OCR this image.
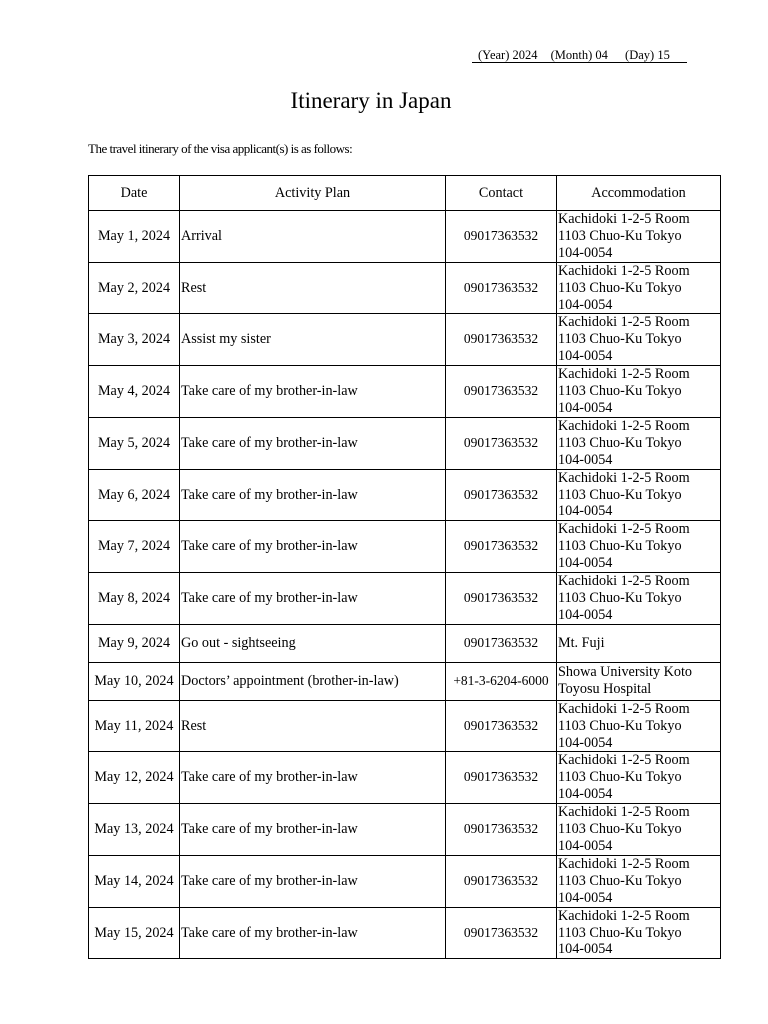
(Year) 2024 (Month) 04 (Day) 15
Itinerary in Japan
The travel itinerary of the visa applicant(s) is as follows:
Date	Activity Plan	Contact	Accommodation
May 1, 2024	Arrival	09017363532	Kachidoki 1-2-5 Room
1103 Chuo-Ku Tokyo
104-0054

May 2, 2024	Rest	09017363532	Kachidoki 1-2-5 Room
1103 Chuo-Ku Tokyo
104-0054

May 3, 2024	Assist my sister	09017363532	Kachidoki 1-2-5 Room
1103 Chuo-Ku Tokyo
104-0054

May 4, 2024	Take care of my brother-in-law	09017363532	Kachidoki 1-2-5 Room
1103 Chuo-Ku Tokyo
104-0054

May 5, 2024	Take care of my brother-in-law	09017363532	Kachidoki 1-2-5 Room
1103 Chuo-Ku Tokyo
104-0054

May 6, 2024	Take care of my brother-in-law	09017363532	Kachidoki 1-2-5 Room
1103 Chuo-Ku Tokyo
104-0054

May 7, 2024	Take care of my brother-in-law	09017363532	Kachidoki 1-2-5 Room
1103 Chuo-Ku Tokyo
104-0054

May 8, 2024	Take care of my brother-in-law	09017363532	Kachidoki 1-2-5 Room
1103 Chuo-Ku Tokyo
104-0054

May 9, 2024	Go out - sightseeing	09017363532	Mt. Fuji

May 10, 2024	Doctors’ appointment (brother-in-law)	+81-3-6204-6000	Showa University Koto
Toyosu Hospital

May 11, 2024	Rest	09017363532	Kachidoki 1-2-5 Room
1103 Chuo-Ku Tokyo
104-0054

May 12, 2024	Take care of my brother-in-law	09017363532	Kachidoki 1-2-5 Room
1103 Chuo-Ku Tokyo
104-0054

May 13, 2024	Take care of my brother-in-law	09017363532	Kachidoki 1-2-5 Room
1103 Chuo-Ku Tokyo
104-0054

May 14, 2024	Take care of my brother-in-law	09017363532	Kachidoki 1-2-5 Room
1103 Chuo-Ku Tokyo
104-0054

May 15, 2024	Take care of my brother-in-law	09017363532	Kachidoki 1-2-5 Room
1103 Chuo-Ku Tokyo
104-0054
